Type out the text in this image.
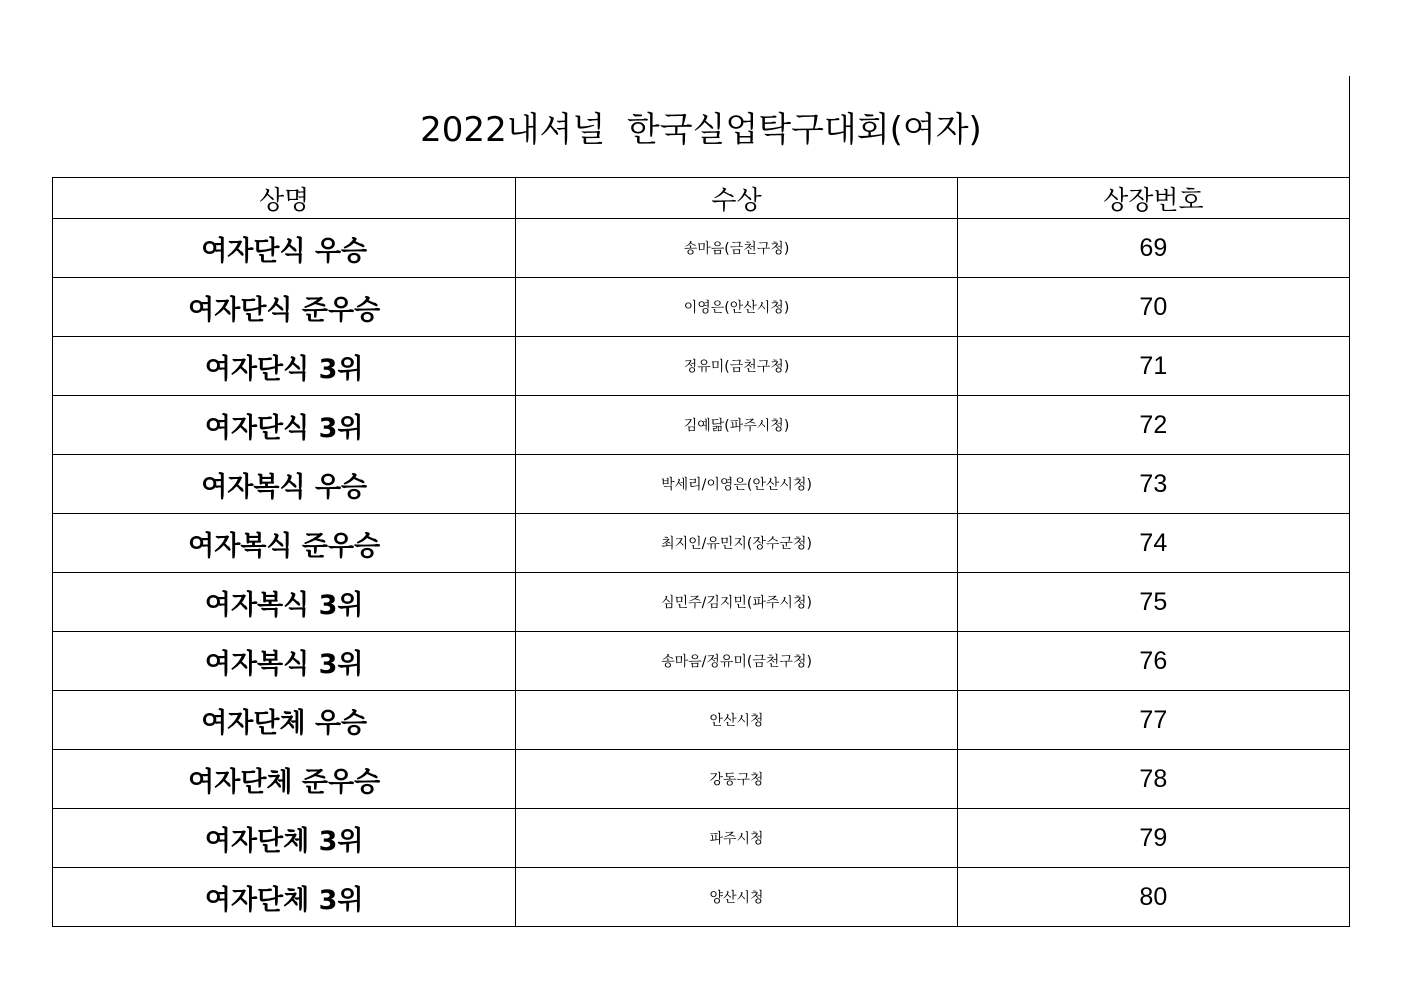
2022내셔널  한국실업탁구대회(여자)
상명	수상	상장번호
여자단식 우승	송마음(금천구청)	69
여자단식 준우승	이영은(안산시청)	70
여자단식 3위	정유미(금천구청)	71
여자단식 3위	김예닮(파주시청)	72
여자복식 우승	박세리/이영은(안산시청)	73
여자복식 준우승	최지인/유민지(장수군청)	74
여자복식 3위	심민주/김지민(파주시청)	75
여자복식 3위	송마음/정유미(금천구청)	76
여자단체 우승	안산시청	77
여자단체 준우승	강동구청	78
여자단체 3위	파주시청	79
여자단체 3위	양산시청	80
